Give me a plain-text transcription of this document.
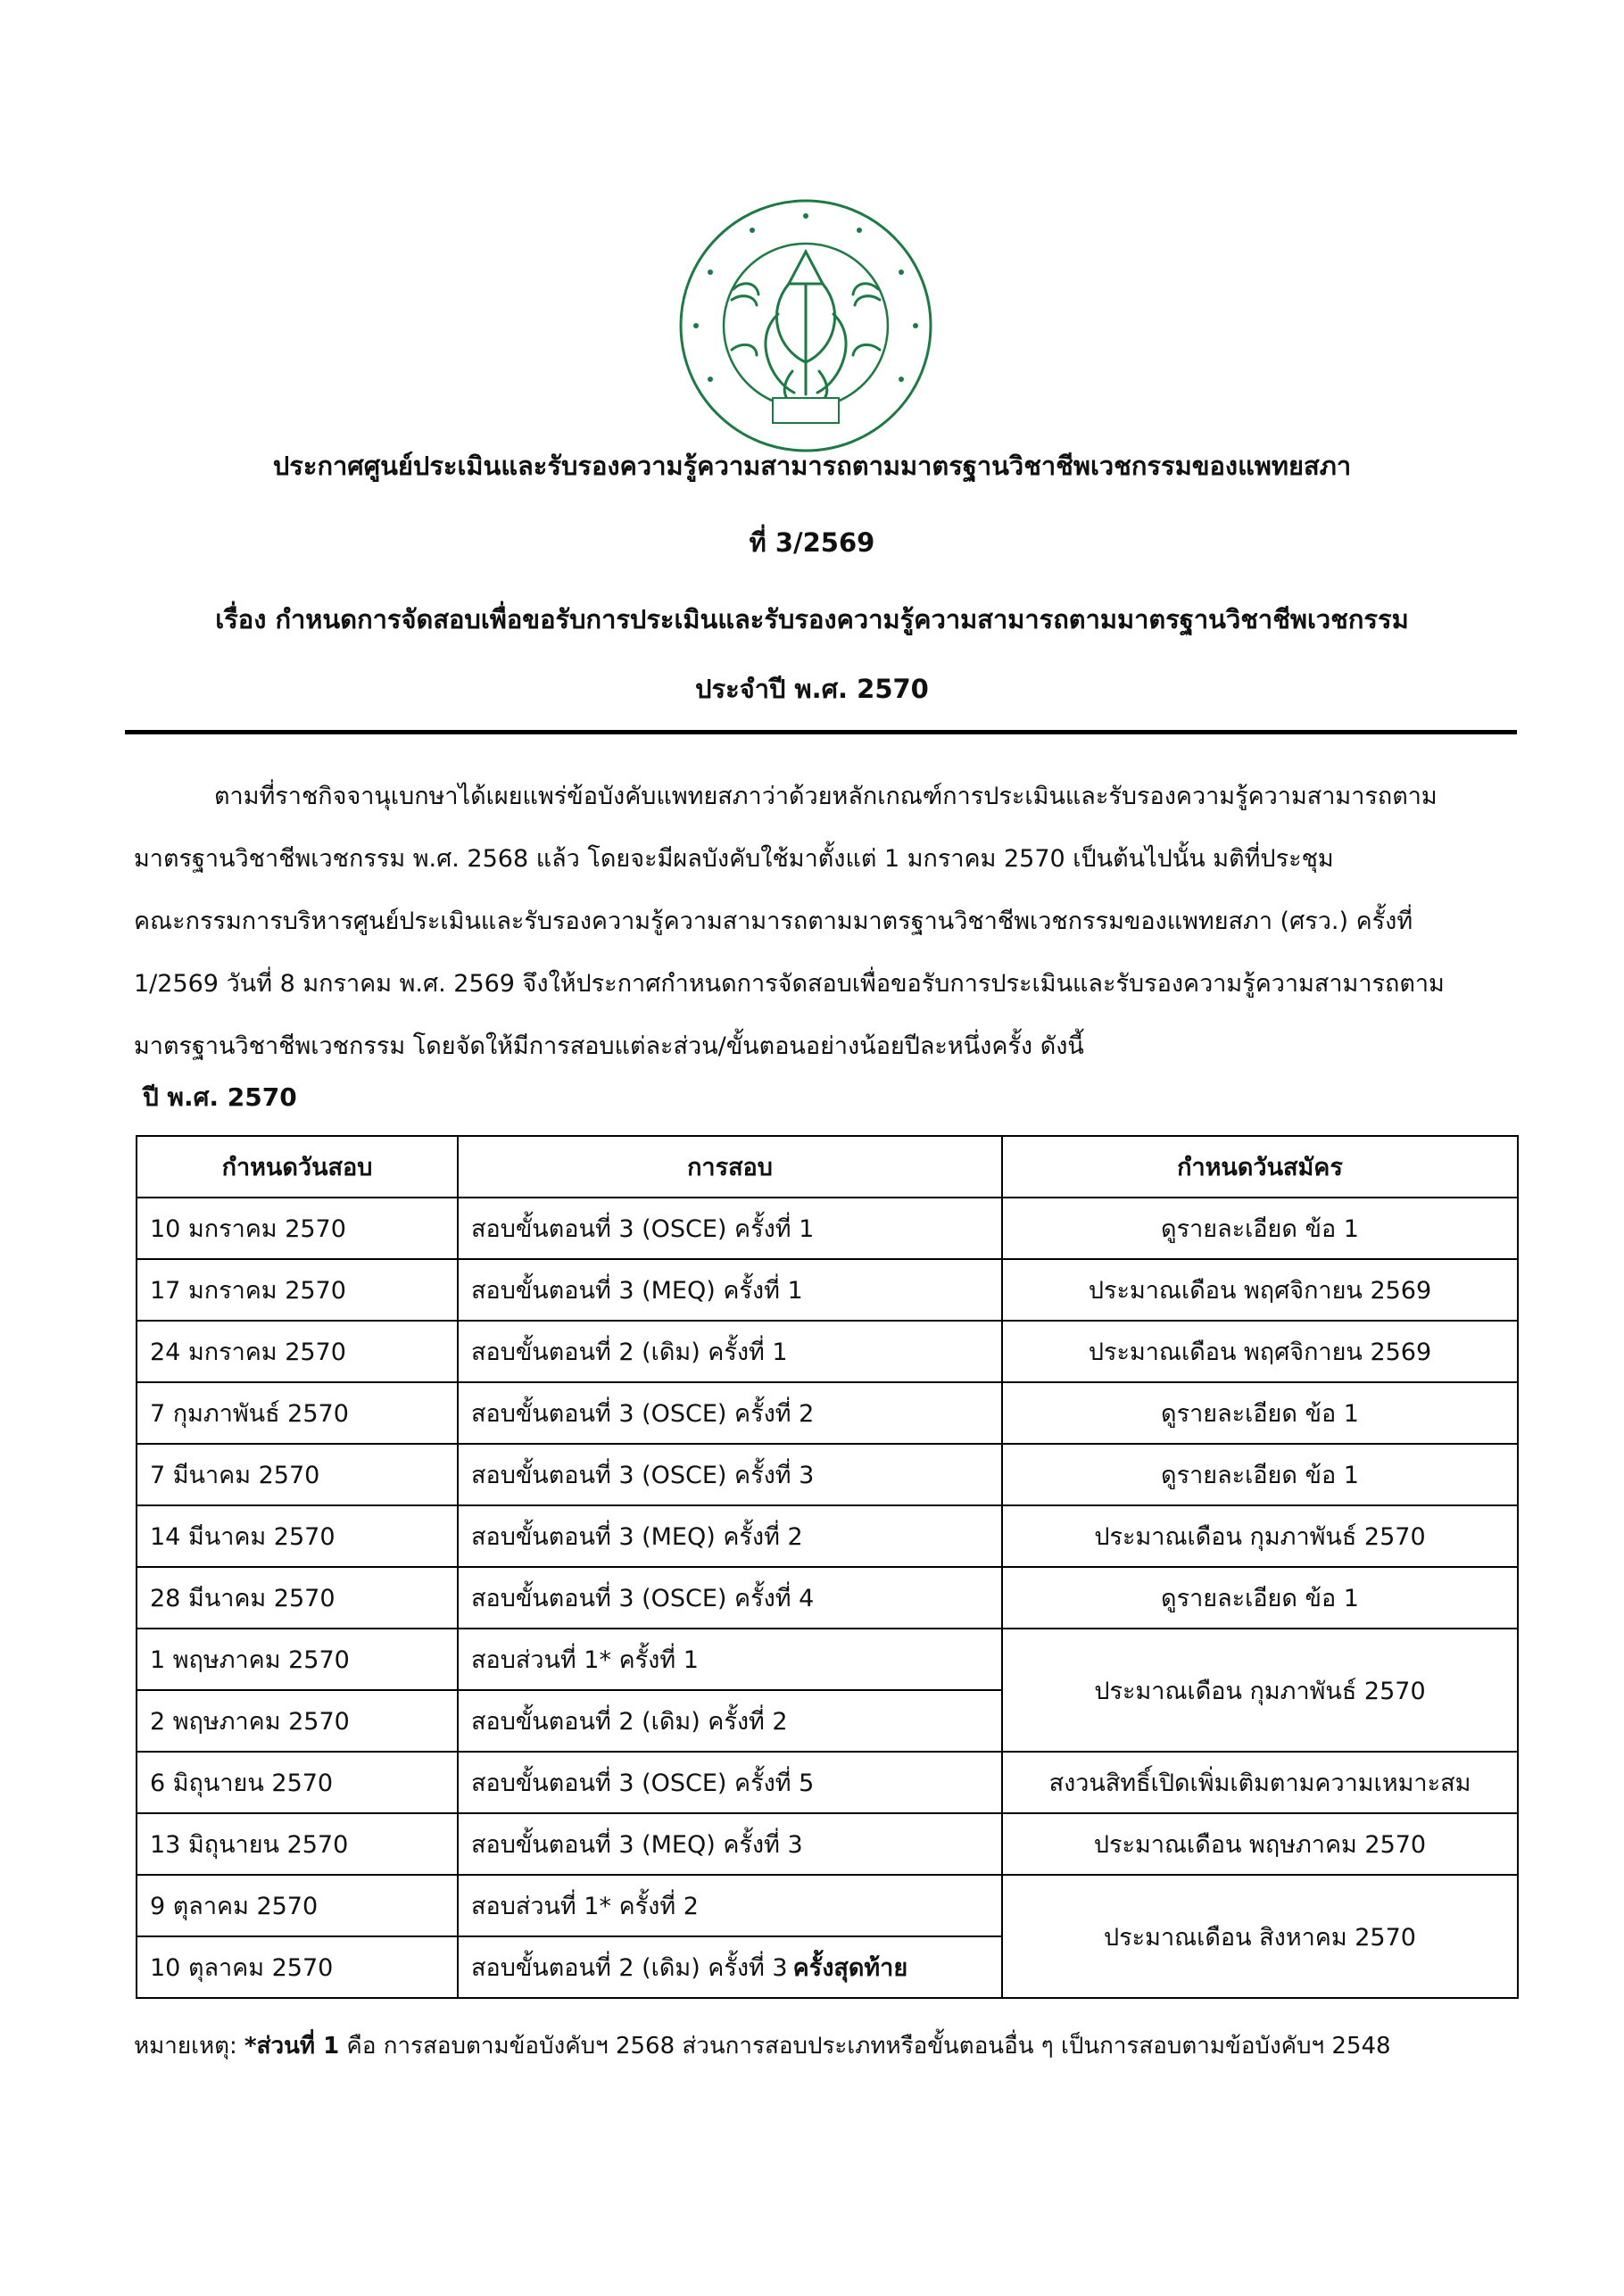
ประกาศศูนย์ประเมินและรับรองความรู้ความสามารถตามมาตรฐานวิชาชีพเวชกรรมของแพทยสภา
ที่ 3/2569
เรื่อง กำหนดการจัดสอบเพื่อขอรับการประเมินและรับรองความรู้ความสามารถตามมาตรฐานวิชาชีพเวชกรรม
ประจำปี พ.ศ. 2570
ตามที่ราชกิจจานุเบกษาได้เผยแพร่ข้อบังคับแพทยสภาว่าด้วยหลักเกณฑ์การประเมินและรับรองความรู้ความสามารถตาม
มาตรฐานวิชาชีพเวชกรรม พ.ศ. 2568 แล้ว โดยจะมีผลบังคับใช้มาตั้งแต่ 1 มกราคม 2570 เป็นต้นไปนั้น มติที่ประชุม
คณะกรรมการบริหารศูนย์ประเมินและรับรองความรู้ความสามารถตามมาตรฐานวิชาชีพเวชกรรมของแพทยสภา (ศรว.) ครั้งที่
1/2569 วันที่ 8 มกราคม พ.ศ. 2569 จึงให้ประกาศกำหนดการจัดสอบเพื่อขอรับการประเมินและรับรองความรู้ความสามารถตาม
มาตรฐานวิชาชีพเวชกรรม โดยจัดให้มีการสอบแต่ละส่วน/ขั้นตอนอย่างน้อยปีละหนึ่งครั้ง ดังนี้
ปี พ.ศ. 2570
กำหนดวันสอบ	การสอบ	กำหนดวันสมัคร
10 มกราคม 2570	สอบขั้นตอนที่ 3 (OSCE) ครั้งที่ 1	ดูรายละเอียด ข้อ 1
17 มกราคม 2570	สอบขั้นตอนที่ 3 (MEQ) ครั้งที่ 1	ประมาณเดือน พฤศจิกายน 2569
24 มกราคม 2570	สอบขั้นตอนที่ 2 (เดิม) ครั้งที่ 1	ประมาณเดือน พฤศจิกายน 2569
7 กุมภาพันธ์ 2570	สอบขั้นตอนที่ 3 (OSCE) ครั้งที่ 2	ดูรายละเอียด ข้อ 1
7 มีนาคม 2570	สอบขั้นตอนที่ 3 (OSCE) ครั้งที่ 3	ดูรายละเอียด ข้อ 1
14 มีนาคม 2570	สอบขั้นตอนที่ 3 (MEQ) ครั้งที่ 2	ประมาณเดือน กุมภาพันธ์ 2570
28 มีนาคม 2570	สอบขั้นตอนที่ 3 (OSCE) ครั้งที่ 4	ดูรายละเอียด ข้อ 1
1 พฤษภาคม 2570	สอบส่วนที่ 1* ครั้งที่ 1	ประมาณเดือน กุมภาพันธ์ 2570
2 พฤษภาคม 2570	สอบขั้นตอนที่ 2 (เดิม) ครั้งที่ 2	
6 มิถุนายน 2570	สอบขั้นตอนที่ 3 (OSCE) ครั้งที่ 5	สงวนสิทธิ์เปิดเพิ่มเติมตามความเหมาะสม
13 มิถุนายน 2570	สอบขั้นตอนที่ 3 (MEQ) ครั้งที่ 3	ประมาณเดือน พฤษภาคม 2570
9 ตุลาคม 2570	สอบส่วนที่ 1* ครั้งที่ 2	ประมาณเดือน สิงหาคม 2570
10 ตุลาคม 2570	สอบขั้นตอนที่ 2 (เดิม) ครั้งที่ 3 ครั้งสุดท้าย	
หมายเหตุ: *ส่วนที่ 1 คือ การสอบตามข้อบังคับฯ 2568 ส่วนการสอบประเภทหรือขั้นตอนอื่น ๆ เป็นการสอบตามข้อบังคับฯ 2548
